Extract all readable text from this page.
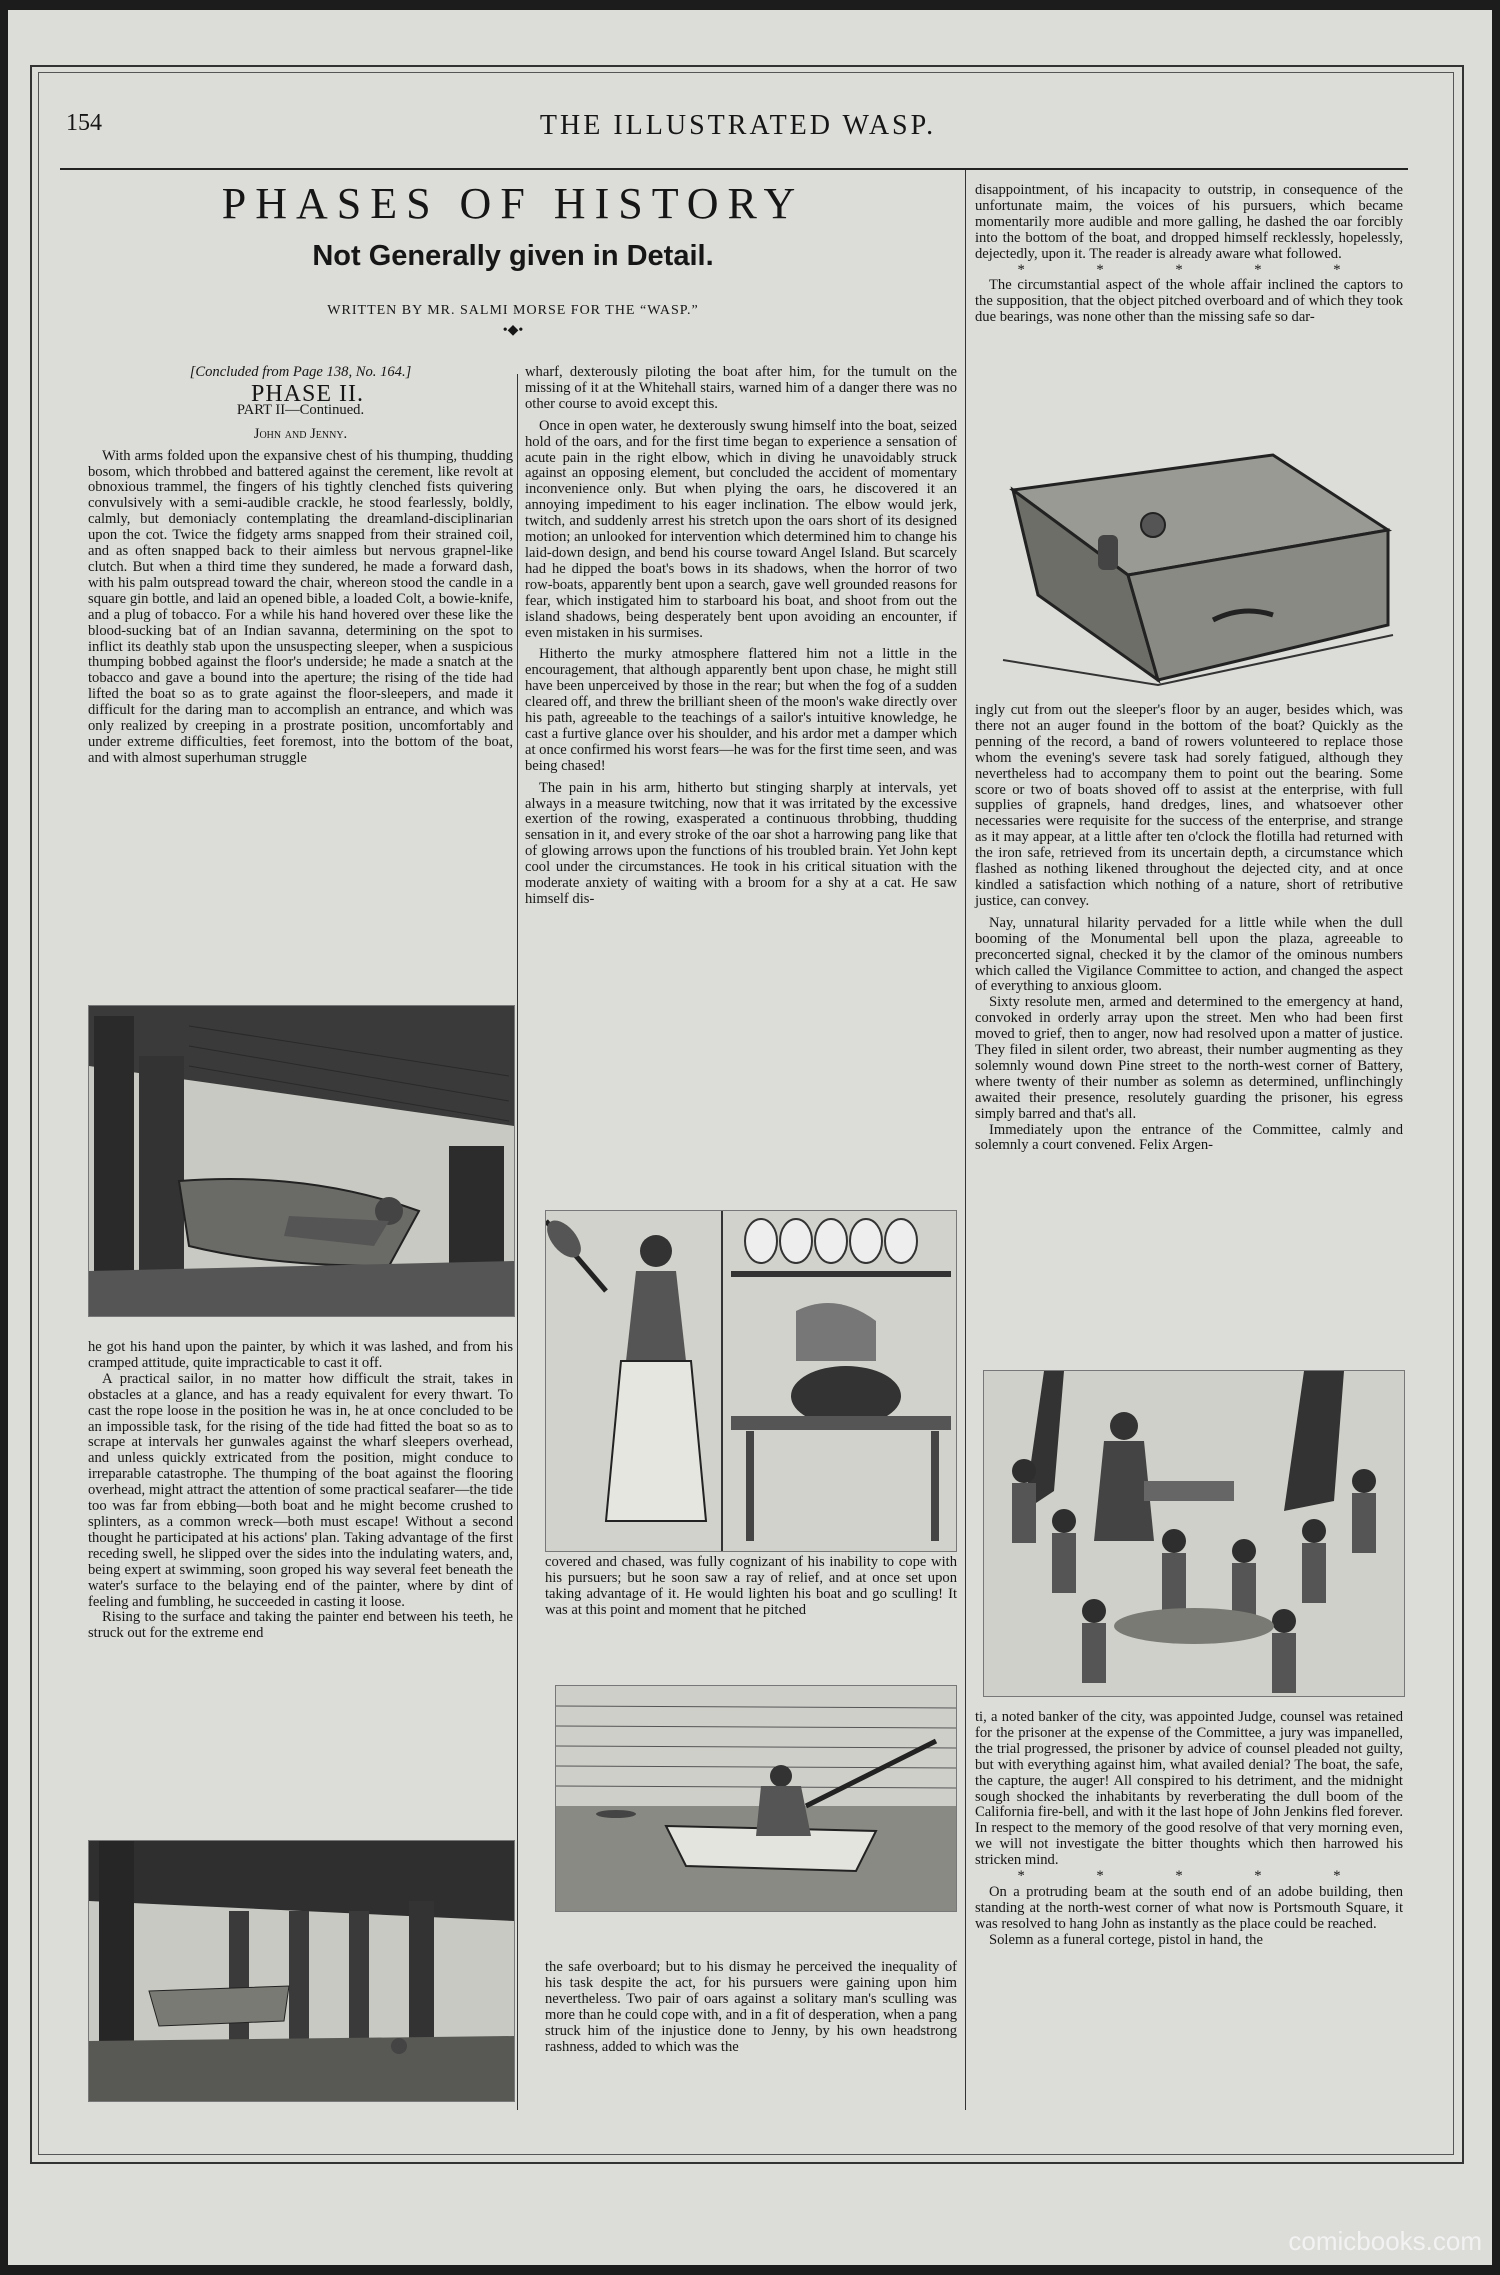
154	THE ILLUSTRATED WASP.
PHASES OF HISTORY
Not Generally given in Detail.
WRITTEN BY MR. SALMI MORSE FOR THE “WASP.”
•◆•

[Concluded from Page 138, No. 164.]

PHASE II.

PART II—Continued.

John and Jenny.

With arms folded upon the expansive chest of his thumping, thudding bosom, which throbbed and battered against the cerement, like revolt at obnoxious trammel, the fingers of his tightly clenched fists quivering convulsively with a semi-audible crackle, he stood fearlessly, boldly, calmly, but demoniacly contemplating the dreamland-disciplinarian upon the cot. Twice the fidgety arms snapped from their strained coil, and as often snapped back to their aimless but nervous grapnel-like clutch. But when a third time they sundered, he made a forward dash, with his palm outspread toward the chair, whereon stood the candle in a square gin bottle, and laid an opened bible, a loaded Colt, a bowie-knife, and a plug of tobacco. For a while his hand hovered over these like the blood-sucking bat of an Indian savanna, determining on the spot to inflict its deathly stab upon the unsuspecting sleeper, when a suspicious thumping bobbed against the floor's underside; he made a snatch at the tobacco and gave a bound into the aperture; the rising of the tide had lifted the boat so as to grate against the floor-sleepers, and made it difficult for the daring man to accomplish an entrance, and which was only realized by creeping in a prostrate position, uncomfortably and under extreme difficulties, feet foremost, into the bottom of the boat, and with almost superhuman struggle

he got his hand upon the painter, by which it was lashed, and from his cramped attitude, quite impracticable to cast it off.

A practical sailor, in no matter how difficult the strait, takes in obstacles at a glance, and has a ready equivalent for every thwart. To cast the rope loose in the position he was in, he at once concluded to be an impossible task, for the rising of the tide had fitted the boat so as to scrape at intervals her gunwales against the wharf sleepers overhead, and unless quickly extricated from the position, might conduce to irreparable catastrophe. The thumping of the boat against the flooring overhead, might attract the attention of some practical seafarer—the tide too was far from ebbing—both boat and he might become crushed to splinters, as a common wreck—both must escape! Without a second thought he participated at his actions' plan. Taking advantage of the first receding swell, he slipped over the sides into the indulating waters, and, being expert at swimming, soon groped his way several feet beneath the water's surface to the belaying end of the painter, where by dint of feeling and fumbling, he succeeded in casting it loose.

Rising to the surface and taking the painter end between his teeth, he struck out for the extreme end

wharf, dexterously piloting the boat after him, for the tumult on the missing of it at the Whitehall stairs, warned him of a danger there was no other course to avoid except this.

Once in open water, he dexterously swung himself into the boat, seized hold of the oars, and for the first time began to experience a sensation of acute pain in the right elbow, which in diving he unavoidably struck against an opposing element, but concluded the accident of momentary inconvenience only. But when plying the oars, he discovered it an annoying impediment to his eager inclination. The elbow would jerk, twitch, and suddenly arrest his stretch upon the oars short of its designed motion; an unlooked for intervention which determined him to change his laid-down design, and bend his course toward Angel Island. But scarcely had he dipped the boat's bows in its shadows, when the horror of two row-boats, apparently bent upon a search, gave well grounded reasons for fear, which instigated him to starboard his boat, and shoot from out the island shadows, being desperately bent upon avoiding an encounter, if even mistaken in his surmises.

Hitherto the murky atmosphere flattered him not a little in the encouragement, that although apparently bent upon chase, he might still have been unperceived by those in the rear; but when the fog of a sudden cleared off, and threw the brilliant sheen of the moon's wake directly over his path, agreeable to the teachings of a sailor's intuitive knowledge, he cast a furtive glance over his shoulder, and his ardor met a damper which at once confirmed his worst fears—he was for the first time seen, and was being chased!

The pain in his arm, hitherto but stinging sharply at intervals, yet always in a measure twitching, now that it was irritated by the excessive exertion of the rowing, exasperated a continuous throbbing, thudding sensation in it, and every stroke of the oar shot a harrowing pang like that of glowing arrows upon the functions of his troubled brain. Yet John kept cool under the circumstances. He took in his critical situation with the moderate anxiety of waiting with a broom for a shy at a cat. He saw himself dis-

covered and chased, was fully cognizant of his inability to cope with his pursuers; but he soon saw a ray of relief, and at once set upon taking advantage of it. He would lighten his boat and go sculling! It was at this point and moment that he pitched

the safe overboard; but to his dismay he perceived the inequality of his task despite the act, for his pursuers were gaining upon him nevertheless. Two pair of oars against a solitary man's sculling was more than he could cope with, and in a fit of desperation, when a pang struck him of the injustice done to Jenny, by his own headstrong rashness, added to which was the

disappointment, of his incapacity to outstrip, in consequence of the unfortunate maim, the voices of his pursuers, which became momentarily more audible and more galling, he dashed the oar forcibly into the bottom of the boat, and dropped himself recklessly, hopelessly, dejectedly, upon it. The reader is already aware what followed.

* * * * *

The circumstantial aspect of the whole affair inclined the captors to the supposition, that the object pitched overboard and of which they took due bearings, was none other than the missing safe so dar-

ingly cut from out the sleeper's floor by an auger, besides which, was there not an auger found in the bottom of the boat? Quickly as the penning of the record, a band of rowers volunteered to replace those whom the evening's severe task had sorely fatigued, although they nevertheless had to accompany them to point out the bearing. Some score or two of boats shoved off to assist at the enterprise, with full supplies of grapnels, hand dredges, lines, and whatsoever other necessaries were requisite for the success of the enterprise, and strange as it may appear, at a little after ten o'clock the flotilla had returned with the iron safe, retrieved from its uncertain depth, a circumstance which flashed as nothing likened throughout the dejected city, and at once kindled a satisfaction which nothing of a nature, short of retributive justice, can convey.

Nay, unnatural hilarity pervaded for a little while when the dull booming of the Monumental bell upon the plaza, agreeable to preconcerted signal, checked it by the clamor of the ominous numbers which called the Vigilance Committee to action, and changed the aspect of everything to anxious gloom.

Sixty resolute men, armed and determined to the emergency at hand, convoked in orderly array upon the street. Men who had been first moved to grief, then to anger, now had resolved upon a matter of justice. They filed in silent order, two abreast, their number augmenting as they solemnly wound down Pine street to the north-west corner of Battery, where twenty of their number as solemn as determined, unflinchingly awaited their presence, resolutely guarding the prisoner, his egress simply barred and that's all.

Immediately upon the entrance of the Committee, calmly and solemnly a court convened. Felix Argen-

ti, a noted banker of the city, was appointed Judge, counsel was retained for the prisoner at the expense of the Committee, a jury was impanelled, the trial progressed, the prisoner by advice of counsel pleaded not guilty, but with everything against him, what availed denial? The boat, the safe, the capture, the auger! All conspired to his detriment, and the midnight sough shocked the inhabitants by reverberating the dull boom of the California fire-bell, and with it the last hope of John Jenkins fled forever. In respect to the memory of the good resolve of that very morning even, we will not investigate the bitter thoughts which then harrowed his stricken mind.

* * * * *

On a protruding beam at the south end of an adobe building, then standing at the north-west corner of what now is Portsmouth Square, it was resolved to hang John as instantly as the place could be reached.

Solemn as a funeral cortege, pistol in hand, the

comicbooks.com
